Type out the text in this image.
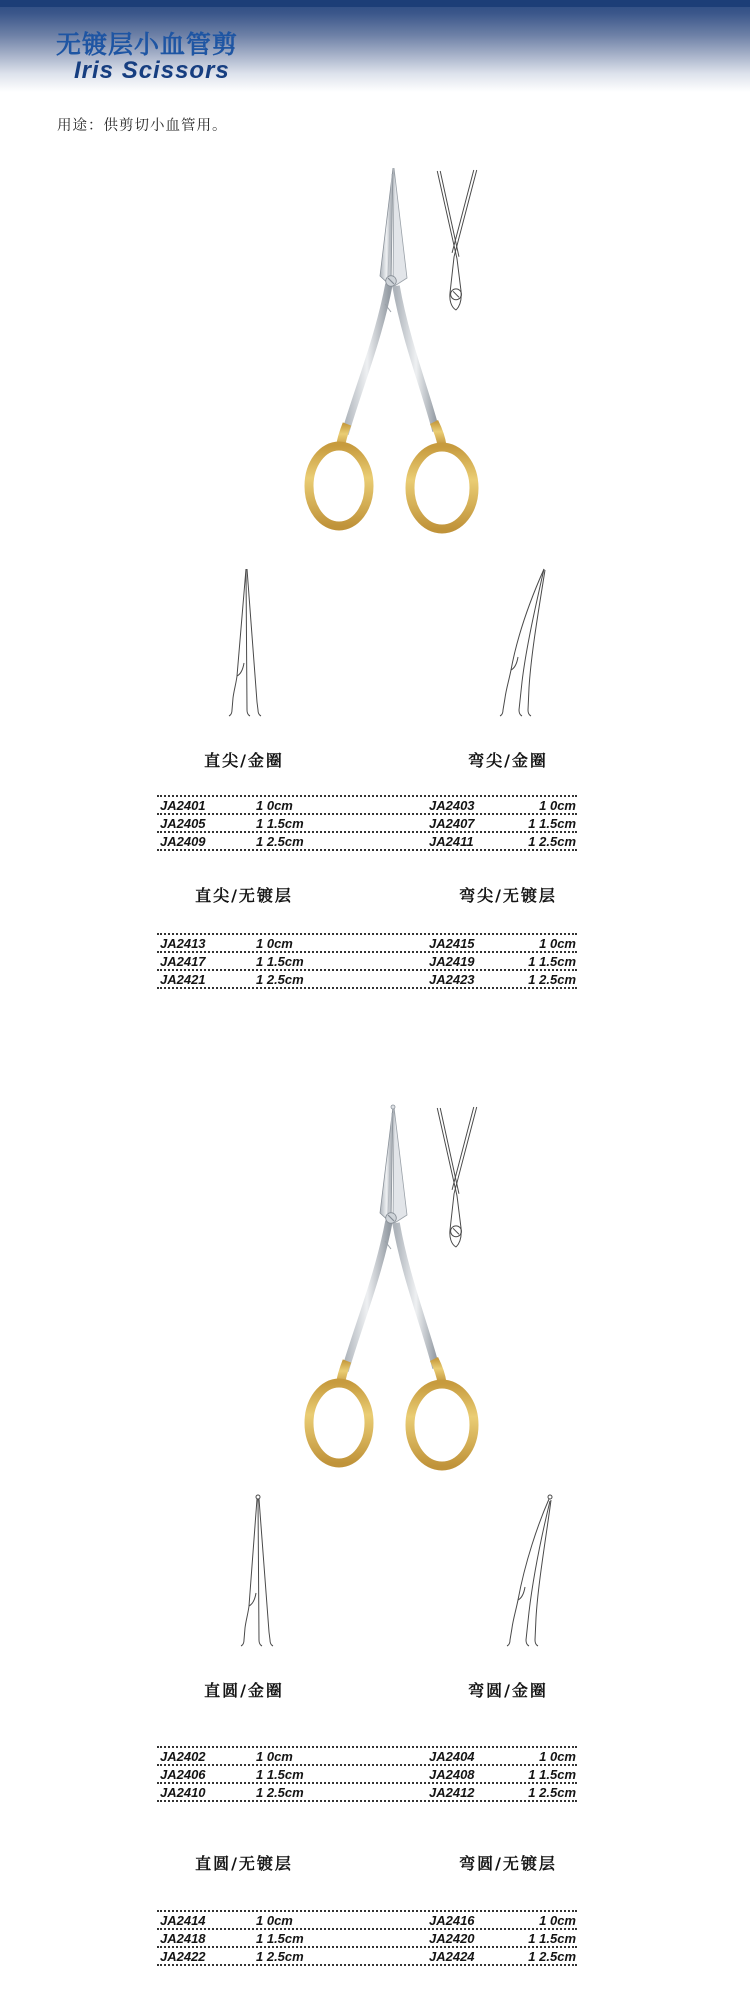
无镀层小血管剪
Iris Scissors
用途：供剪切小血管用。
直尖/金圈	弯尖/金圈
JA2401	1 0cm	JA2403	1 0cm
JA2405	1 1.5cm	JA2407	1 1.5cm
JA2409	1 2.5cm	JA2411	1 2.5cm
直尖/无镀层	弯尖/无镀层
JA2413	1 0cm	JA2415	1 0cm
JA2417	1 1.5cm	JA2419	1 1.5cm
JA2421	1 2.5cm	JA2423	1 2.5cm
直圆/金圈	弯圆/金圈
JA2402	1 0cm	JA2404	1 0cm
JA2406	1 1.5cm	JA2408	1 1.5cm
JA2410	1 2.5cm	JA2412	1 2.5cm
直圆/无镀层	弯圆/无镀层
JA2414	1 0cm	JA2416	1 0cm
JA2418	1 1.5cm	JA2420	1 1.5cm
JA2422	1 2.5cm	JA2424	1 2.5cm
